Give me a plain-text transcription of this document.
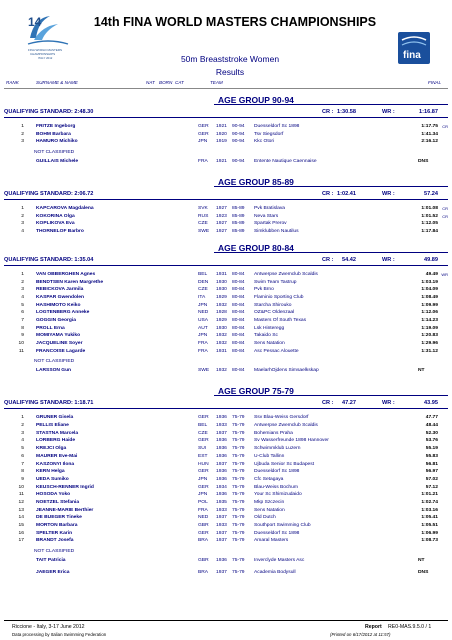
14
FINA WORLD MASTERS
CHAMPIONSHIPS
ITALY 2012
14th FINA WORLD MASTERS CHAMPIONSHIPS
50m Breaststroke Women
Results
fina
RANK	SURNAME & NAME	NAT BORN CAT	TEAM	FINAL
AGE GROUP 90-94
QUALIFYING STANDARD: 2:48.30	CR : 1:30.58	WR :	1:16.87
1 FRITZE Ingeborg	GER 1921 90-94 Duesseldorf Sc 1898	1:17.75 CR
2 BOHM Barbara	GER 1920 90-94 Tsv Siegsdorf	1:41.34
3 HAMURO Michiko	JPN 1919 90-94 Kkc Otori	2:16.12
NOT CLASSIFIED
GUILLAIS Michele	FRA 1921 90-94 Entente Nautique Caennaise	DNS
AGE GROUP 85-89
QUALIFYING STANDARD: 2:06.72	CR : 1:02.41	WR :	57.24
1 KAPCAROVA Magdalena	SVK 1927 85-89 Pvk Bratislava	1:01.08 CR
2 KOKORINA Olga	RUS 1923 85-89 Neva Stars	1:01.52 CR
3 KOPLIKOVA Eva	CZE 1927 85-89 Spartak Prerov	1:12.05
4 THORNELOF Barbro	SWE 1927 85-89 Simklubben Nautilus	1:17.84
AGE GROUP 80-84
QUALIFYING STANDARD: 1:35.04	CR : 54.42	WR :	49.89
1 VAN OBBERGHEN Agnes	BEL 1931 80-84 Antwerpse Zwemclub Scaldis	49.49 WR
2 BENDTSEN Karen Margrethe	DEN 1930 80-84 Swim Team Tastrup	1:03.19
3 REBICKOVA Jarmila	CZE 1930 80-84 Pvk Brno	1:04.09
4 KASPAR Gwendolen	ITA 1929 80-84 Flaminio Sporting Club	1:08.49
5 HASHIMOTO Keiko	JPN 1932 80-84 Starcha Shirouko	1:09.99
6 LOGTENBERG Anneke	NED 1928 80-84 OZ&PC Oldenzaal	1:12.06
7 GOGGIN Georgia	USA 1929 80-84 Masters Of South Texas	1:14.23
8 PROLL Erna	AUT 1930 80-84 Lsk Hinteregg	1:19.09
9 MOMIYAMA Yukiko	JPN 1932 80-84 Takaido Sc	1:20.83
10 JACQUELINE Soyer	FRA 1932 80-84 Sens Natation	1:29.96
11 FRANCOISE Lagarde	FRA 1931 80-84 Asc Pessac Alouette	1:31.12
NOT CLASSIFIED
LARSSON Gun	SWE 1932 80-84 MaelarhOjdens Simsaelkskap	NT
AGE GROUP 75-79
QUALIFYING STANDARD: 1:18.71	CR : 47.27	WR :	43.95
1 GRUNER Gisela	GER 1936 75-79 Ssv Blau-Weiss Gersdorf	47.77
2 PELLIS Eliane	BEL 1933 75-79 Antwerpse Zwemclub Scaldis	48.44
3 STASTNA Marcela	CZE 1937 75-79 Bohemians Praha	52.30
4 LORBERG Haide	GER 1936 75-79 Sv Wasserfreunde 1898 Hannover	53.76
5 KREJCI Olga	SUI 1936 75-79 Schwimmklub Luzern	55.19
6 MAURER Eve-Mai	EST 1936 75-79 U-Club Tallinn	55.83
7 KASZONYI Ilona	HUN 1937 75-79 Ujbuda Senior Sc Budapest	56.81
8 KERN Helga	GER 1936 75-79 Duesseldorf Sc 1898	56.97
9 UEDA Sumiko	JPN 1936 75-79 Cfc Setagaya	57.02
10 KEUSCH-RENNER Ingrid	GER 1934 75-79 Blau-Weiss Bochum	57.12
11 HOSODA Yoko	JPN 1936 75-79 Your Sc Shimizudaido	1:01.21
12 NOETZEL Stefania	POL 1935 75-79 Mkp Szczecin	1:02.74
13 JEANNE-MARIE Berthier	FRA 1933 75-79 Sens Natation	1:03.16
14 DE BUEGER Tineke	NED 1937 75-79 Old Dutch	1:05.41
15 MORTON Barbara	GBR 1933 75-79 Southport Swimming Club	1:05.51
16 SPELTER Karin	GER 1937 75-79 Duesseldorf Sc 1898	1:06.99
17 BRANDT Josefa	BRA 1937 75-79 Amaral Masters	1:08.73
NOT CLASSIFIED
TAIT Patricia	GBR 1936 75-79 Inverclyde Masters Asc	NT
JAEGER Erica	BRA 1937 75-79 Academia Bodysull	DNS
Riccione - Italy, 3-17 June 2012	Report RE0-MAS.9.5.0 / 1
Data processing by Italian Swimming Federation	(Printed on 6/17/2012 at 11:57)
